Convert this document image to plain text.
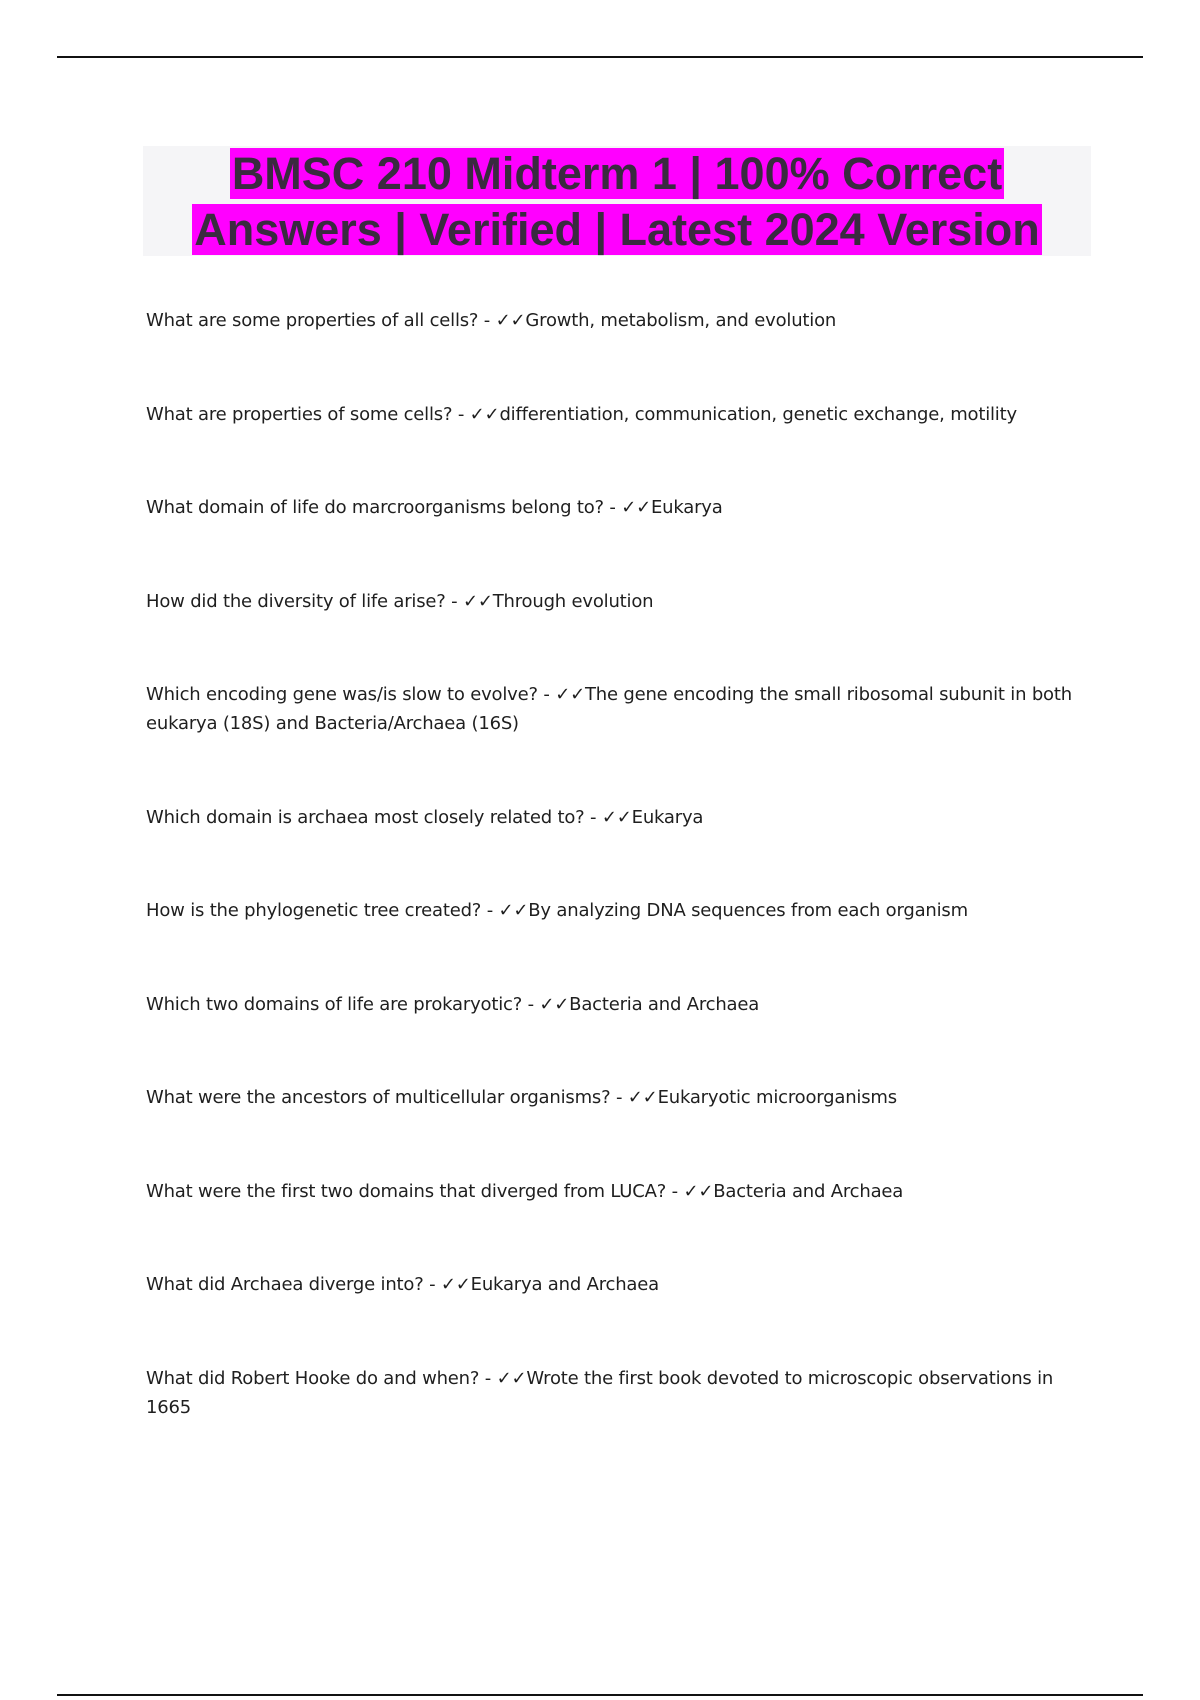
BMSC 210 Midterm 1 | 100% Correct
Answers | Verified | Latest 2024 Version
What are some properties of all cells? - ✓✓Growth, metabolism, and evolution
What are properties of some cells? - ✓✓differentiation, communication, genetic exchange, motility
What domain of life do marcroorganisms belong to? - ✓✓Eukarya
How did the diversity of life arise? - ✓✓Through evolution
Which encoding gene was/is slow to evolve? - ✓✓The gene encoding the small ribosomal subunit in both eukarya (18S) and Bacteria/Archaea (16S)
Which domain is archaea most closely related to? - ✓✓Eukarya
How is the phylogenetic tree created? - ✓✓By analyzing DNA sequences from each organism
Which two domains of life are prokaryotic? - ✓✓Bacteria and Archaea
What were the ancestors of multicellular organisms? - ✓✓Eukaryotic microorganisms
What were the first two domains that diverged from LUCA? - ✓✓Bacteria and Archaea
What did Archaea diverge into? - ✓✓Eukarya and Archaea
What did Robert Hooke do and when? - ✓✓Wrote the first book devoted to microscopic observations in 1665
